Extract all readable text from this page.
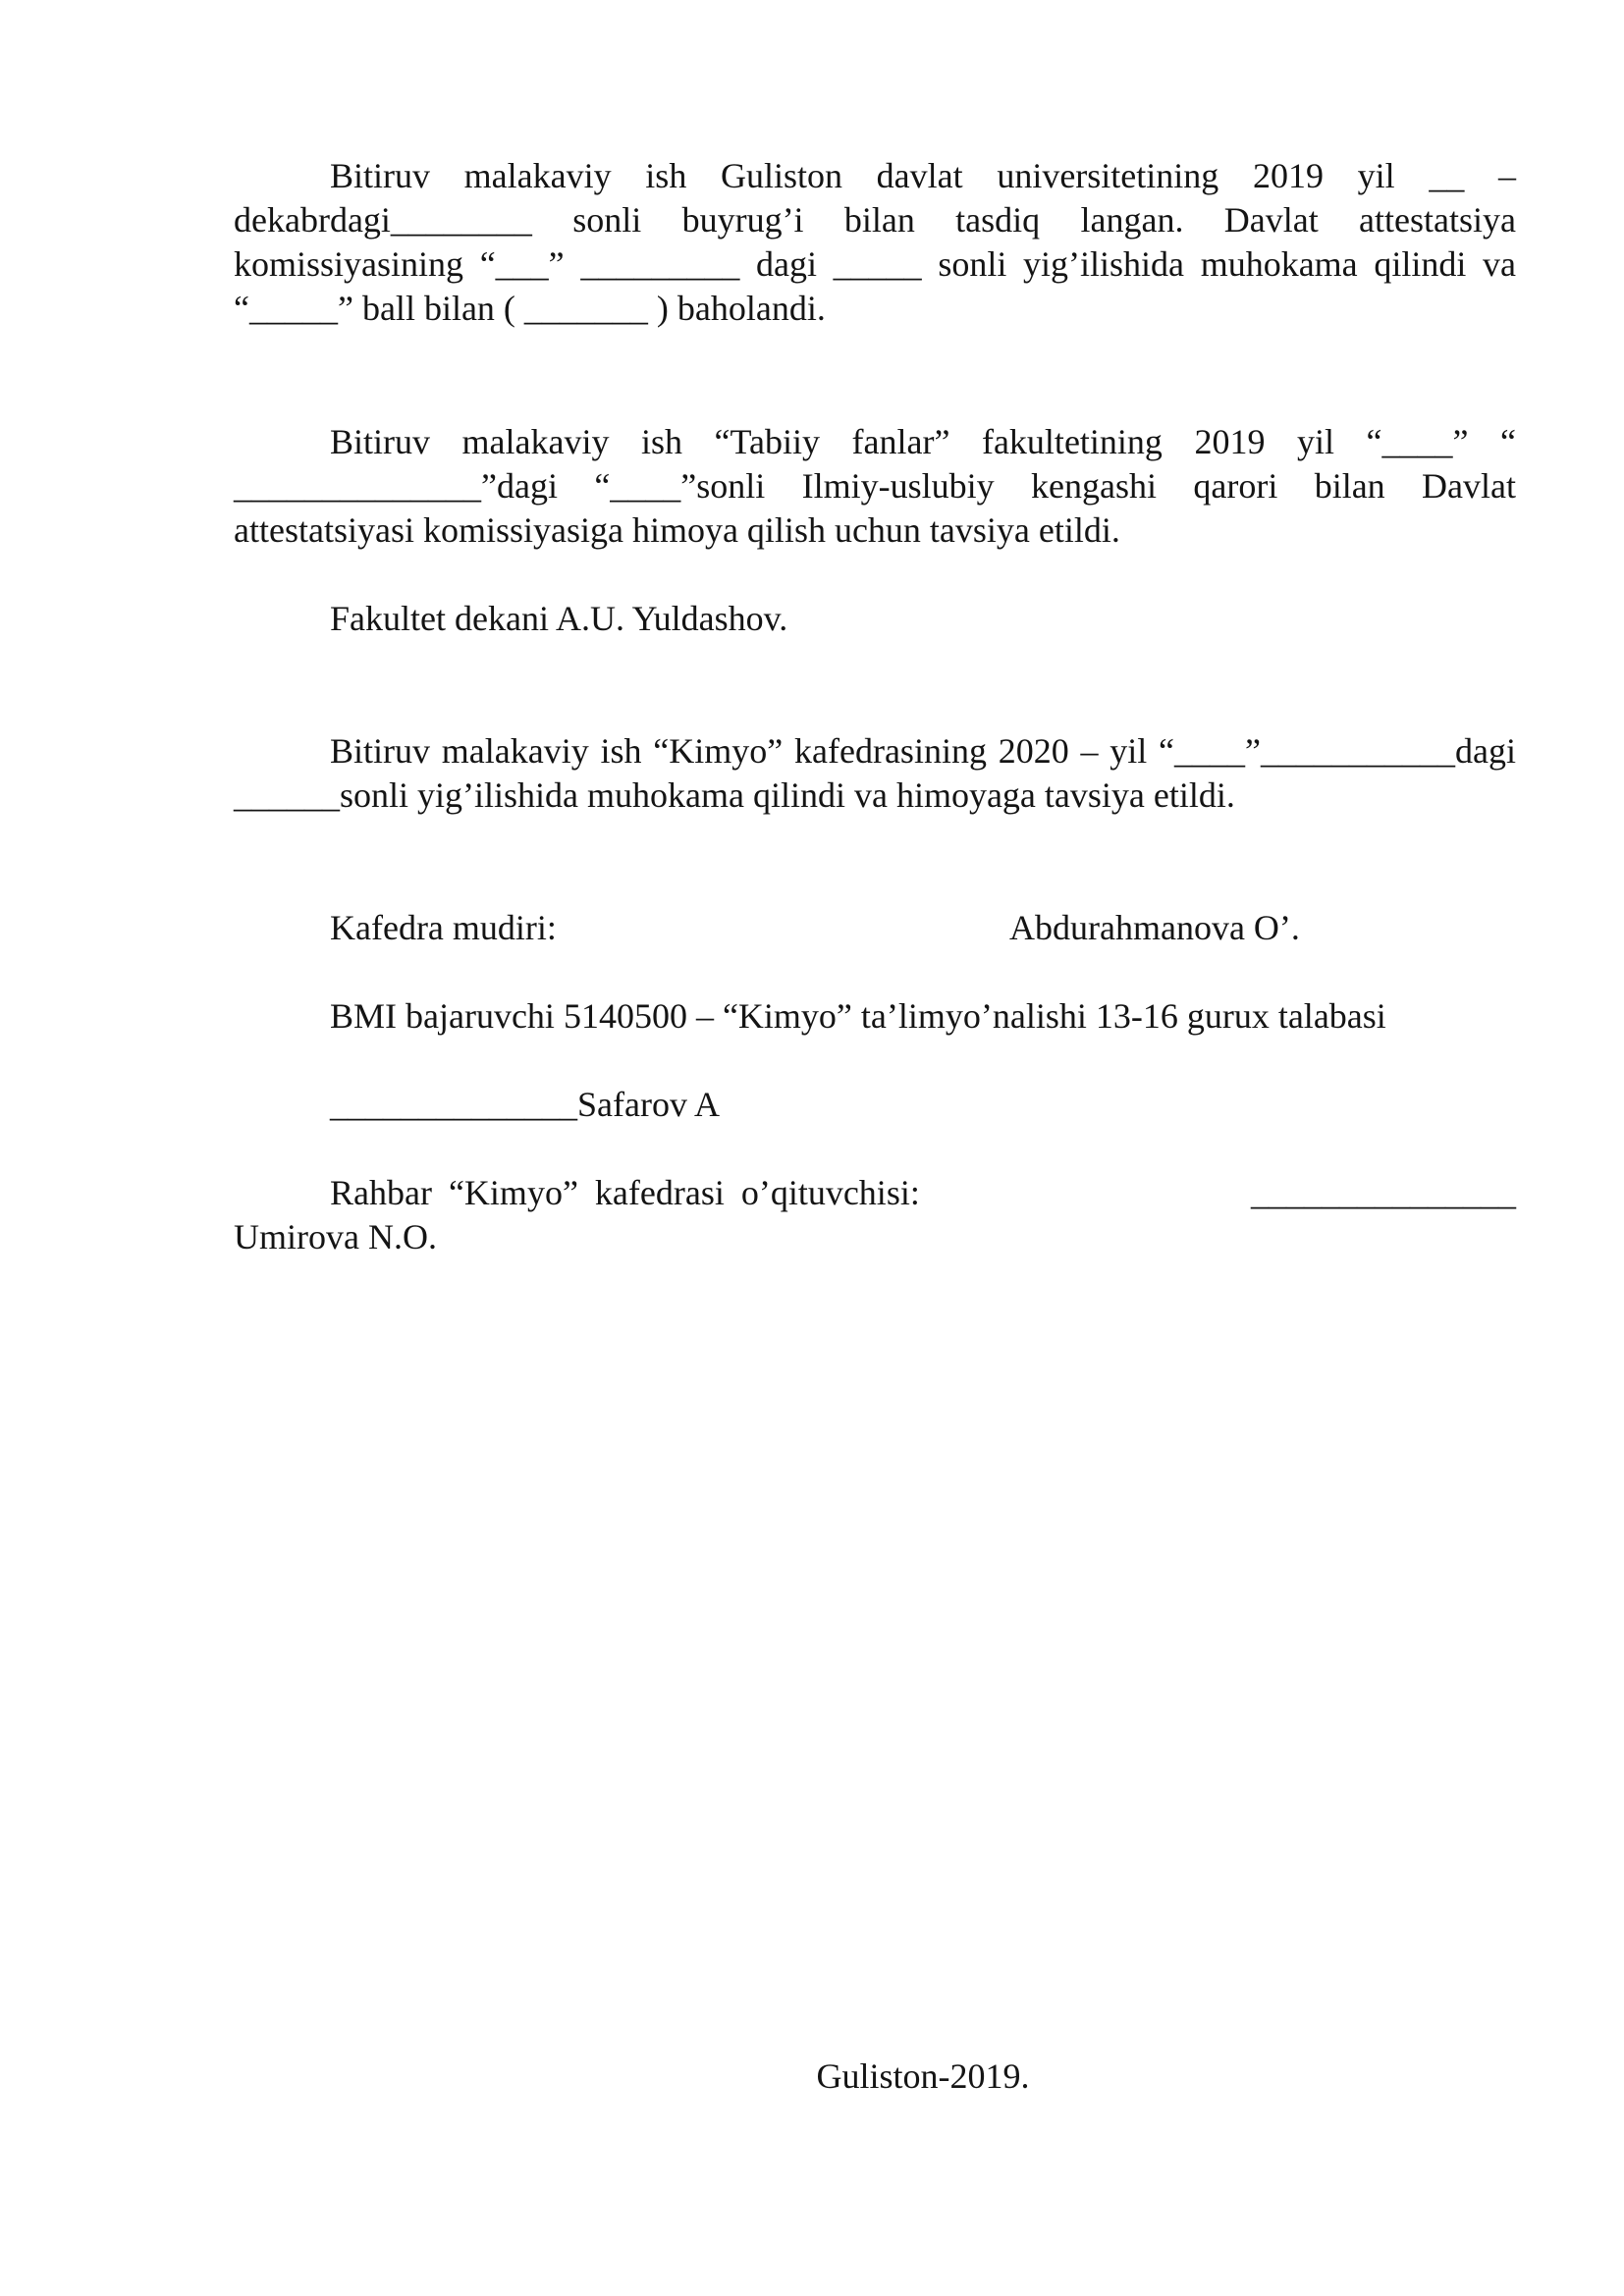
Bitiruv malakaviy ish Guliston davlat universitetining 2019 yil __ – dekabrdagi________ sonli buyrug’i bilan tasdiq langan. Davlat attestatsiya komissiyasining “___” _________ dagi _____ sonli yig’ilishida muhokama qilindi va “_____” ball bilan ( _______ ) baholandi.

Bitiruv malakaviy ish “Tabiiy fanlar” fakultetining 2019 yil “____” “ ______________”dagi “____”sonli Ilmiy-uslubiy kengashi qarori bilan Davlat attestatsiyasi komissiyasiga himoya qilish uchun tavsiya etildi.

Fakultet dekani A.U. Yuldashov.

Bitiruv malakaviy ish “Kimyo” kafedrasining 2020 – yil “____”___________dagi ______sonli yig’ilishida muhokama qilindi va himoyaga tavsiya etildi.

Kafedra mudiri:	Abdurahmanova O’.

BMI bajaruvchi 5140500 – “Kimyo” ta’limyo’nalishi 13-16 gurux talabasi

______________Safarov A

Rahbar “Kimyo” kafedrasi o’qituvchisi:	_______________

Umirova N.O.

Guliston-2019.
